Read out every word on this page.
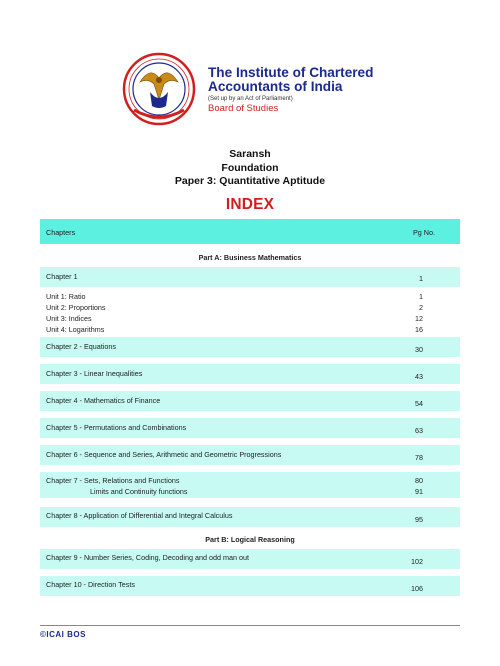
The Institute of Chartered Accountants of India
(Set up by an Act of Parliament)
Board of Studies
Saransh
Foundation
Paper 3: Quantitative Aptitude
INDEX
Chapters	Pg No.
Part A: Business Mathematics
Chapter 1	1
Unit 1: Ratio	1
Unit 2: Proportions	2
Unit 3: Indices	12
Unit 4: Logarithms	16
Chapter 2 - Equations	30
Chapter 3 - Linear Inequalities	43
Chapter 4 - Mathematics of Finance	54
Chapter 5 - Permutations and Combinations	63
Chapter 6 - Sequence and Series, Arithmetic and Geometric Progressions	78
Chapter 7 - Sets, Relations and Functions	80
Limits and Continuity functions	91
Chapter 8 - Application of Differential and Integral Calculus	95
Part B: Logical Reasoning
Chapter 9 - Number Series, Coding, Decoding and odd man out	102
Chapter 10 - Direction Tests	106
©ICAI BOS
